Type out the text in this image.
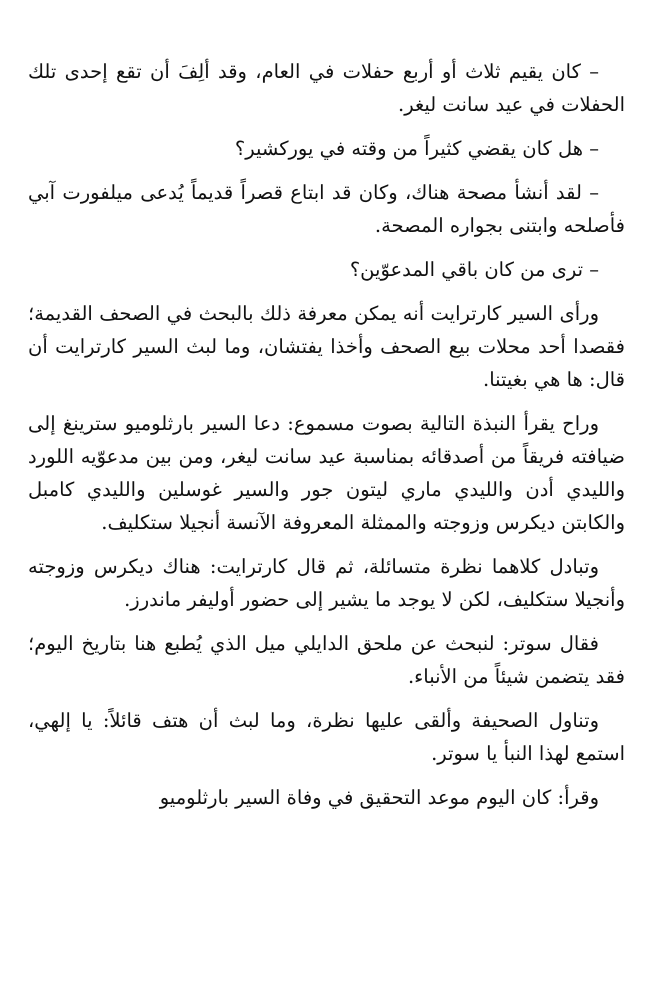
– كان يقيم ثلاث أو أربع حفلات في العام، وقد ألِفَ أن تقع إحدى تلك الحفلات في عيد سانت ليغر.

– هل كان يقضي كثيراً من وقته في يوركشير؟

– لقد أنشأ مصحة هناك، وكان قد ابتاع قصراً قديماً يُدعى ميلفورت آبي فأصلحه وابتنى بجواره المصحة.

– ترى من كان باقي المدعوّين؟

ورأى السير كارترايت أنه يمكن معرفة ذلك بالبحث في الصحف القديمة؛ فقصدا أحد محلات بيع الصحف وأخذا يفتشان، وما لبث السير كارترايت أن قال: ها هي بغيتنا.

وراح يقرأ النبذة التالية بصوت مسموع: دعا السير بارثلوميو سترينغ إلى ضيافته فريقاً من أصدقائه بمناسبة عيد سانت ليغر، ومن بين مدعوّيه اللورد والليدي أدن والليدي ماري ليتون جور والسير غوسلين والليدي كامبل والكابتن ديكرس وزوجته والممثلة المعروفة الآنسة أنجيلا ستكليف.

وتبادل كلاهما نظرة متسائلة، ثم قال كارترايت: هناك ديكرس وزوجته وأنجيلا ستكليف، لكن لا يوجد ما يشير إلى حضور أوليفر ماندرز.

فقال سوتر: لنبحث عن ملحق الدايلي ميل الذي يُطبع هنا بتاريخ اليوم؛ فقد يتضمن شيئاً من الأنباء.

وتناول الصحيفة وألقى عليها نظرة، وما لبث أن هتف قائلاً: يا إلهي، استمع لهذا النبأ يا سوتر.

وقرأ: كان اليوم موعد التحقيق في وفاة السير بارثلوميو
